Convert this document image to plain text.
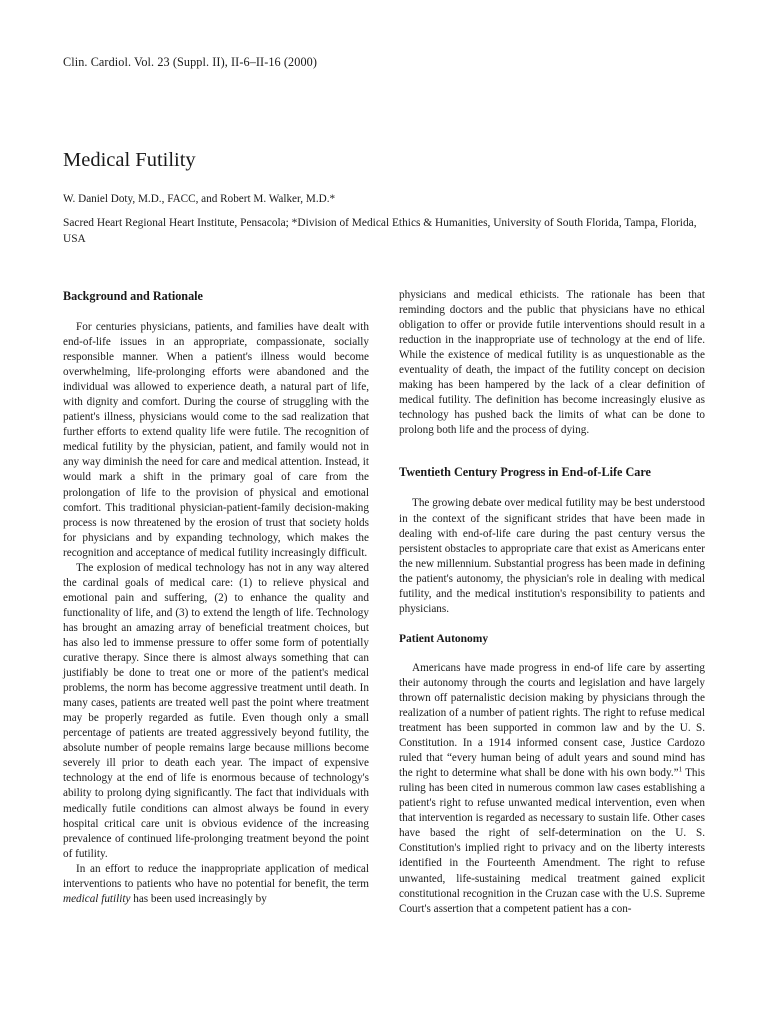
Clin. Cardiol. Vol. 23 (Suppl. II), II-6–II-16 (2000)
Medical Futility
W. Daniel Doty, M.D., FACC, and Robert M. Walker, M.D.*
Sacred Heart Regional Heart Institute, Pensacola; *Division of Medical Ethics & Humanities, University of South Florida, Tampa, Florida, USA
Background and Rationale

For centuries physicians, patients, and families have dealt with end-of-life issues in an appropriate, compassionate, socially responsible manner. When a patient's illness would become overwhelming, life-prolonging efforts were abandoned and the individual was allowed to experience death, a natural part of life, with dignity and comfort. During the course of struggling with the patient's illness, physicians would come to the sad realization that further efforts to extend quality life were futile. The recognition of medical futility by the physician, patient, and family would not in any way diminish the need for care and medical attention. Instead, it would mark a shift in the primary goal of care from the prolongation of life to the provision of physical and emotional comfort. This traditional physician-patient-family decision-making process is now threatened by the erosion of trust that society holds for physicians and by expanding technology, which makes the recognition and acceptance of medical futility increasingly difficult.

The explosion of medical technology has not in any way altered the cardinal goals of medical care: (1) to relieve physical and emotional pain and suffering, (2) to enhance the quality and functionality of life, and (3) to extend the length of life. Technology has brought an amazing array of beneficial treatment choices, but has also led to immense pressure to offer some form of potentially curative therapy. Since there is almost always something that can justifiably be done to treat one or more of the patient's medical problems, the norm has become aggressive treatment until death. In many cases, patients are treated well past the point where treatment may be properly regarded as futile. Even though only a small percentage of patients are treated aggressively beyond futility, the absolute number of people remains large because millions become severely ill prior to death each year. The impact of expensive technology at the end of life is enormous because of technology's ability to prolong dying significantly. The fact that individuals with medically futile conditions can almost always be found in every hospital critical care unit is obvious evidence of the increasing prevalence of continued life-prolonging treatment beyond the point of futility.

In an effort to reduce the inappropriate application of medical interventions to patients who have no potential for benefit, the term medical futility has been used increasingly by

physicians and medical ethicists. The rationale has been that reminding doctors and the public that physicians have no ethical obligation to offer or provide futile interventions should result in a reduction in the inappropriate use of technology at the end of life. While the existence of medical futility is as unquestionable as the eventuality of death, the impact of the futility concept on decision making has been hampered by the lack of a clear definition of medical futility. The definition has become increasingly elusive as technology has pushed back the limits of what can be done to prolong both life and the process of dying.

Twentieth Century Progress in End-of-Life Care

The growing debate over medical futility may be best understood in the context of the significant strides that have been made in dealing with end-of-life care during the past century versus the persistent obstacles to appropriate care that exist as Americans enter the new millennium. Substantial progress has been made in defining the patient's autonomy, the physician's role in dealing with medical futility, and the medical institution's responsibility to patients and physicians.

Patient Autonomy

Americans have made progress in end-of life care by asserting their autonomy through the courts and legislation and have largely thrown off paternalistic decision making by physicians through the realization of a number of patient rights. The right to refuse medical treatment has been supported in common law and by the U. S. Constitution. In a 1914 informed consent case, Justice Cardozo ruled that “every human being of adult years and sound mind has the right to determine what shall be done with his own body.”$^1$ This ruling has been cited in numerous common law cases establishing a patient's right to refuse unwanted medical intervention, even when that intervention is regarded as necessary to sustain life. Other cases have based the right of self-determination on the U. S. Constitution's implied right to privacy and on the liberty interests identified in the Fourteenth Amendment. The right to refuse unwanted, life-sustaining medical treatment gained explicit constitutional recognition in the Cruzan case with the U.S. Supreme Court's assertion that a competent patient has a con-
